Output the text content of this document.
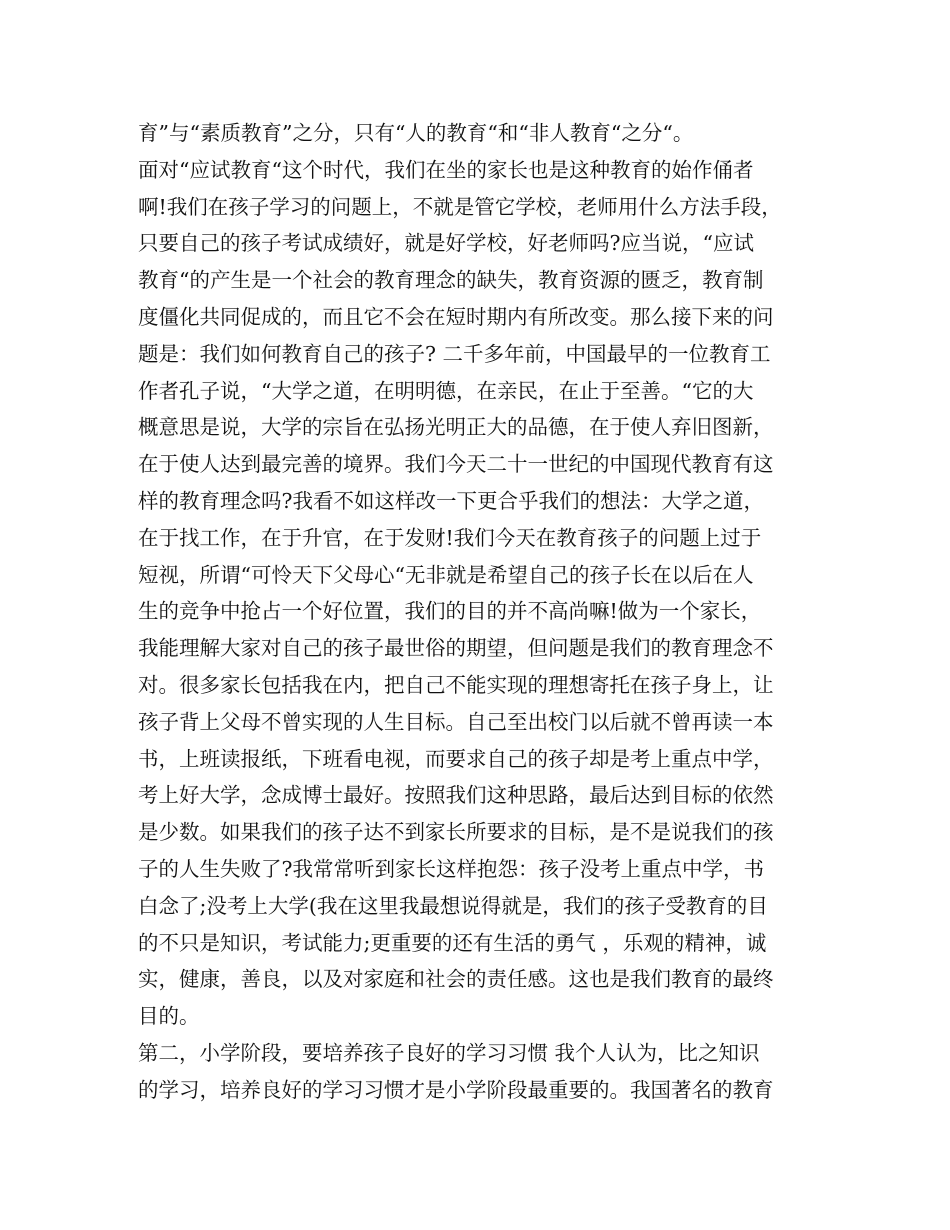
育”与“素质教育”之分，只有“人的教育“和“非人教育“之分“。
面对“应试教育“这个时代，我们在坐的家长也是这种教育的始作俑者
啊!我们在孩子学习的问题上，不就是管它学校，老师用什么方法手段，
只要自己的孩子考试成绩好，就是好学校，好老师吗?应当说，“应试
教育“的产生是一个社会的教育理念的缺失，教育资源的匮乏，教育制
度僵化共同促成的，而且它不会在短时期内有所改变。那么接下来的问
题是：我们如何教育自己的孩子? 二千多年前，中国最早的一位教育工
作者孔子说，“大学之道，在明明德，在亲民，在止于至善。“它的大
概意思是说，大学的宗旨在弘扬光明正大的品德，在于使人弃旧图新，
在于使人达到最完善的境界。我们今天二十一世纪的中国现代教育有这
样的教育理念吗?我看不如这样改一下更合乎我们的想法：大学之道，
在于找工作，在于升官，在于发财!我们今天在教育孩子的问题上过于
短视，所谓“可怜天下父母心“无非就是希望自己的孩子长在以后在人
生的竞争中抢占一个好位置，我们的目的并不高尚嘛!做为一个家长，
我能理解大家对自己的孩子最世俗的期望，但问题是我们的教育理念不
对。很多家长包括我在内，把自己不能实现的理想寄托在孩子身上，让
孩子背上父母不曾实现的人生目标。自己至出校门以后就不曾再读一本
书，上班读报纸，下班看电视，而要求自己的孩子却是考上重点中学，
考上好大学，念成博士最好。按照我们这种思路，最后达到目标的依然
是少数。如果我们的孩子达不到家长所要求的目标，是不是说我们的孩
子的人生失败了?我常常听到家长这样抱怨：孩子没考上重点中学，书
白念了;没考上大学(我在这里我最想说得就是，我们的孩子受教育的目
的不只是知识，考试能力;更重要的还有生活的勇气 ，乐观的精神，诚
实，健康，善良，以及对家庭和社会的责任感。这也是我们教育的最终
目的。
第二，小学阶段，要培养孩子良好的学习习惯 我个人认为，比之知识
的学习，培养良好的学习习惯才是小学阶段最重要的。我国著名的教育
